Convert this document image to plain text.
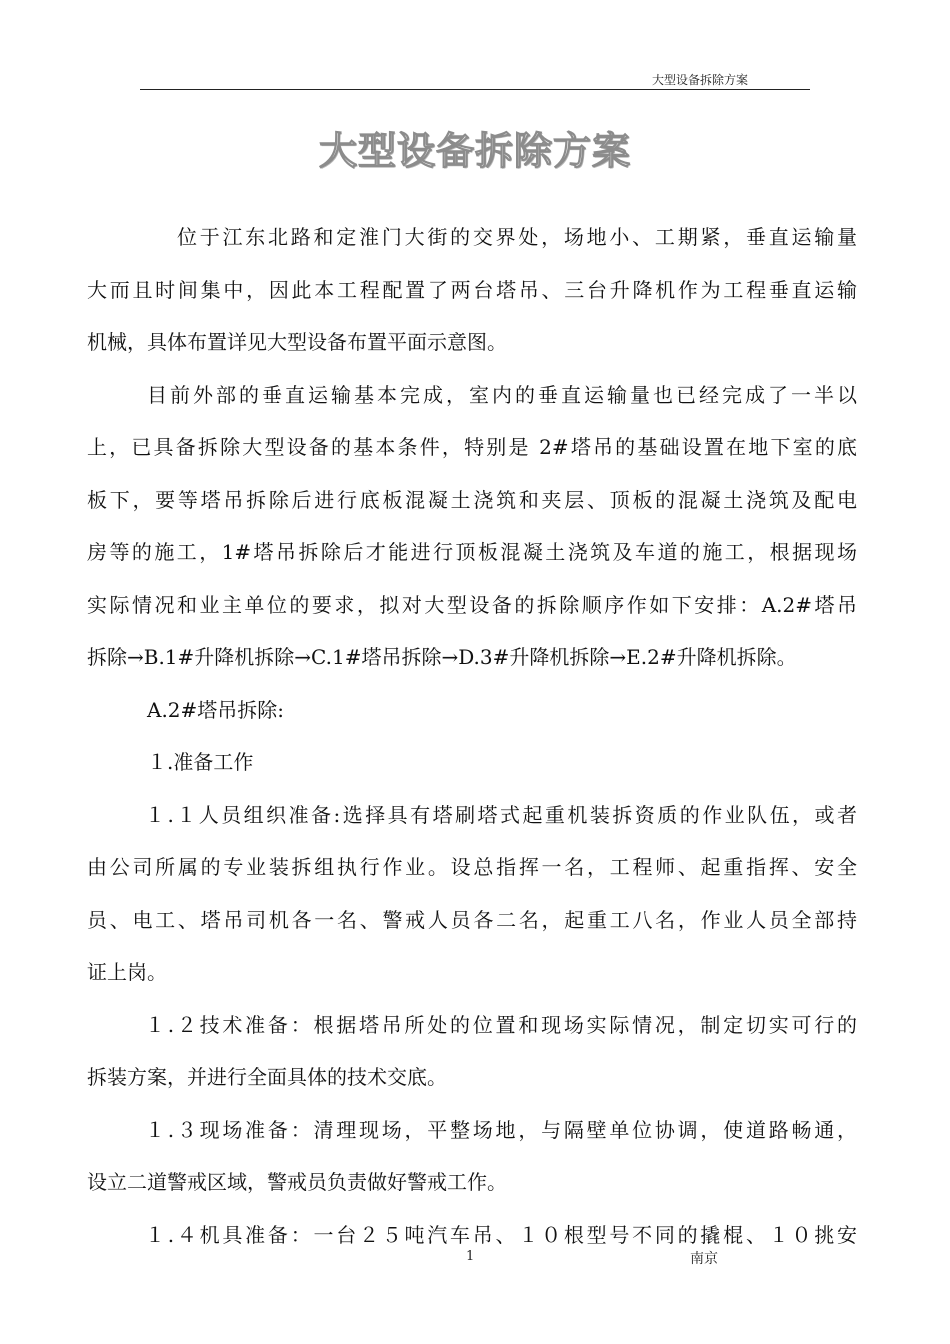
大型设备拆除方案
大型设备拆除方案
位于江东北路和定淮门大街的交界处，场地小、工期紧，垂直运输量
大而且时间集中，因此本工程配置了两台塔吊、三台升降机作为工程垂直运输
机械，具体布置详见大型设备布置平面示意图。
目前外部的垂直运输基本完成，室内的垂直运输量也已经完成了一半以
上，已具备拆除大型设备的基本条件，特别是 2#塔吊的基础设置在地下室的底
板下，要等塔吊拆除后进行底板混凝土浇筑和夹层、顶板的混凝土浇筑及配电
房等的施工，1#塔吊拆除后才能进行顶板混凝土浇筑及车道的施工，根据现场
实际情况和业主单位的要求，拟对大型设备的拆除顺序作如下安排：A.2#塔吊
拆除→B.1#升降机拆除→C.1#塔吊拆除→D.3#升降机拆除→E.2#升降机拆除。
A.2#塔吊拆除:
１.准备工作
１.１人员组织准备:选择具有塔刷塔式起重机装拆资质的作业队伍，或者
由公司所属的专业装拆组执行作业。设总指挥一名，工程师、起重指挥、安全
员、电工、塔吊司机各一名、警戒人员各二名，起重工八名，作业人员全部持
证上岗。
１.２技术准备：根据塔吊所处的位置和现场实际情况，制定切实可行的
拆装方案，并进行全面具体的技术交底。
１.３现场准备：清理现场，平整场地，与隔壁单位协调，使道路畅通，
设立二道警戒区域，警戒员负责做好警戒工作。
１.４机具准备：一台２５吨汽车吊、１０根型号不同的撬棍、１０挑安
1	南京
